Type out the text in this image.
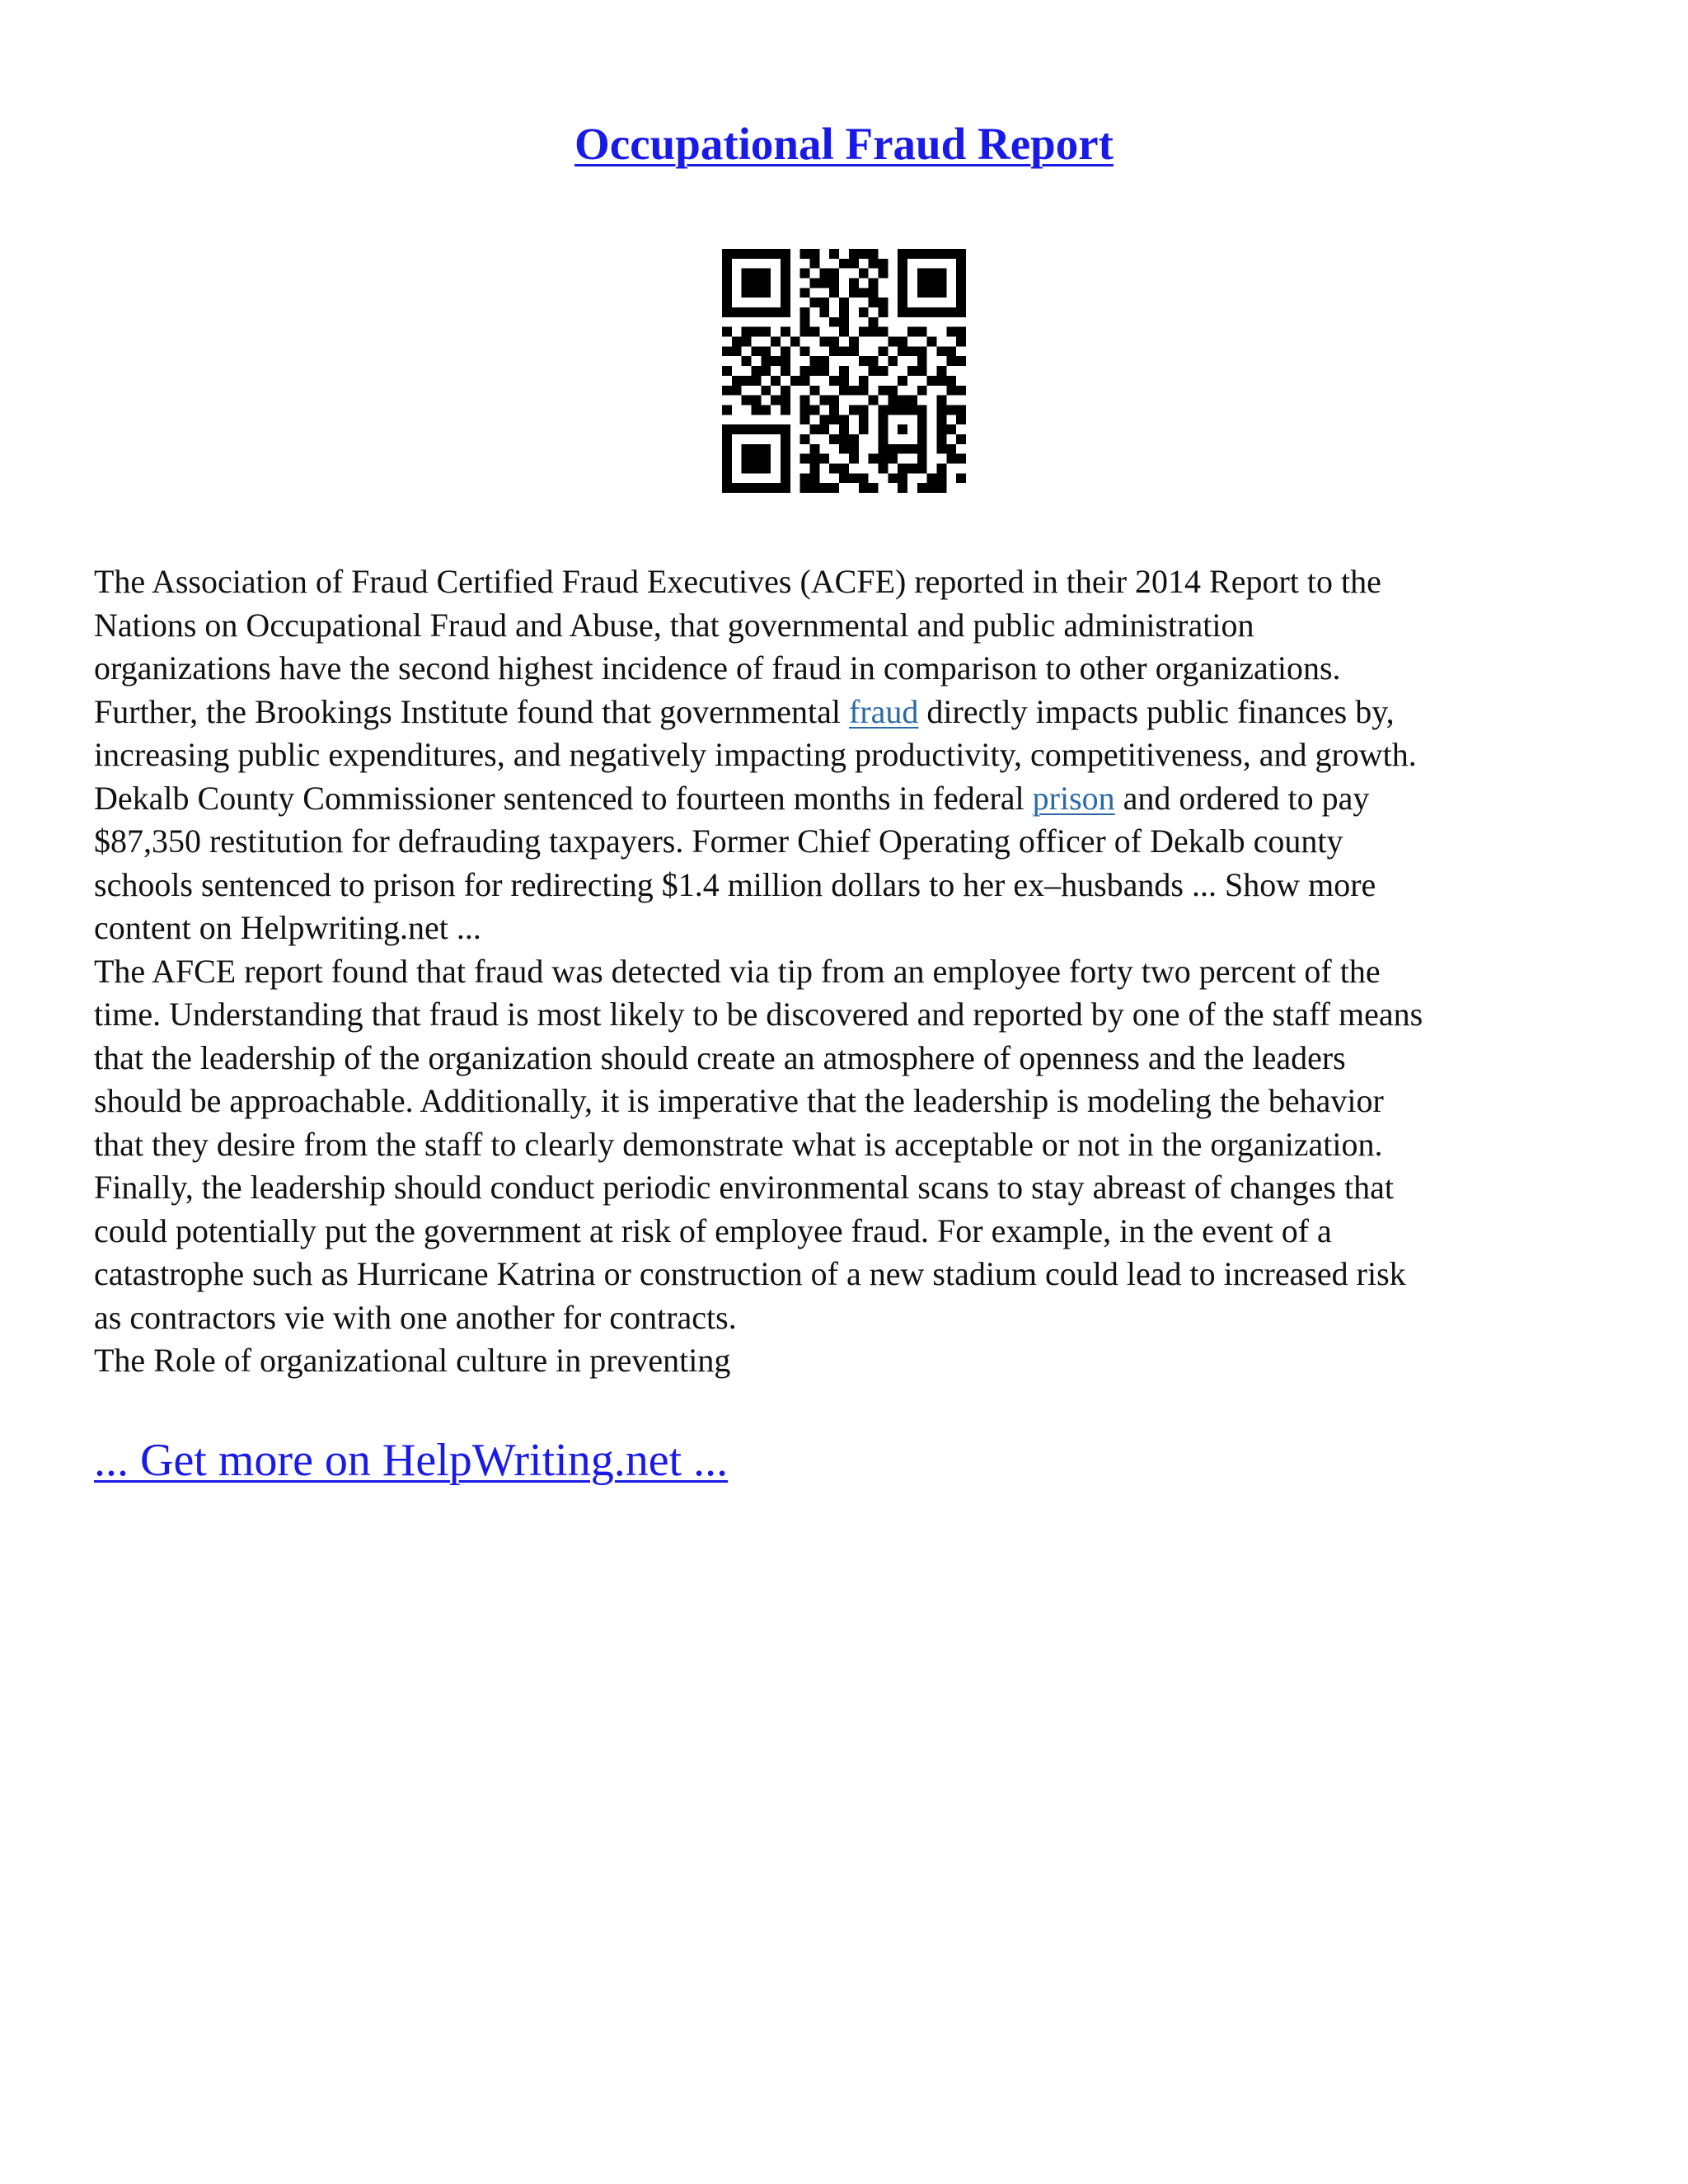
Occupational Fraud Report

The Association of Fraud Certified Fraud Executives (ACFE) reported in their 2014 Report to the
Nations on Occupational Fraud and Abuse, that governmental and public administration
organizations have the second highest incidence of fraud in comparison to other organizations.
Further, the Brookings Institute found that governmental fraud directly impacts public finances by,
increasing public expenditures, and negatively impacting productivity, competitiveness, and growth.
Dekalb County Commissioner sentenced to fourteen months in federal prison and ordered to pay
$87,350 restitution for defrauding taxpayers. Former Chief Operating officer of Dekalb county
schools sentenced to prison for redirecting $1.4 million dollars to her ex–husbands ... Show more
content on Helpwriting.net ...
The AFCE report found that fraud was detected via tip from an employee forty two percent of the
time. Understanding that fraud is most likely to be discovered and reported by one of the staff means
that the leadership of the organization should create an atmosphere of openness and the leaders
should be approachable. Additionally, it is imperative that the leadership is modeling the behavior
that they desire from the staff to clearly demonstrate what is acceptable or not in the organization.
Finally, the leadership should conduct periodic environmental scans to stay abreast of changes that
could potentially put the government at risk of employee fraud. For example, in the event of a
catastrophe such as Hurricane Katrina or construction of a new stadium could lead to increased risk
as contractors vie with one another for contracts.
The Role of organizational culture in preventing

... Get more on HelpWriting.net ...
